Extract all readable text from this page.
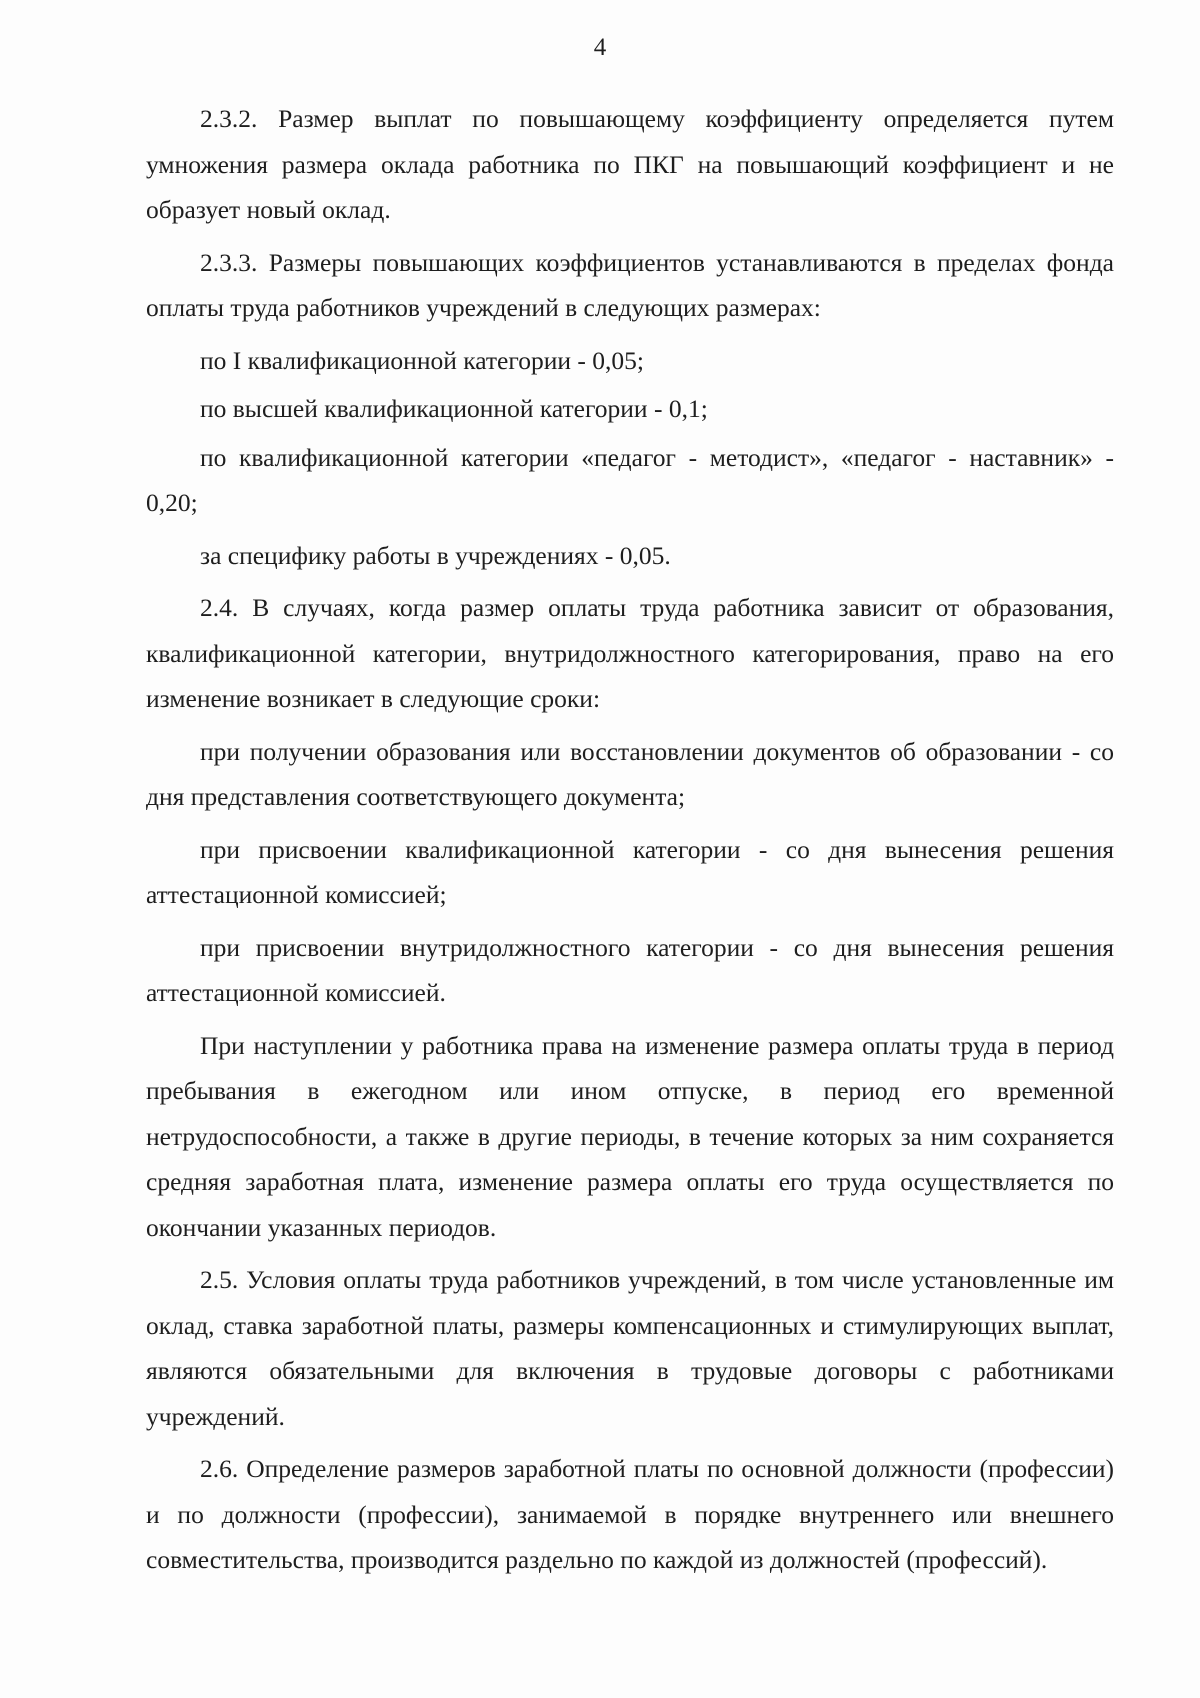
4

2.3.2. Размер выплат по повышающему коэффициенту определяется путем умножения размера оклада работника по ПКГ на повышающий коэффициент и не образует новый оклад.

2.3.3. Размеры повышающих коэффициентов устанавливаются в пределах фонда оплаты труда работников учреждений в следующих размерах:

по I квалификационной категории - 0,05;

по высшей квалификационной категории - 0,1;

по квалификационной категории «педагог - методист», «педагог - наставник» - 0,20;

за специфику работы в учреждениях - 0,05.

2.4. В случаях, когда размер оплаты труда работника зависит от образования, квалификационной категории, внутридолжностного категорирования, право на его изменение возникает в следующие сроки:

при получении образования или восстановлении документов об образовании - со дня представления соответствующего документа;

при присвоении квалификационной категории - со дня вынесения решения аттестационной комиссией;

при присвоении внутридолжностного категории - со дня вынесения решения аттестационной комиссией.

При наступлении у работника права на изменение размера оплаты труда в период пребывания в ежегодном или ином отпуске, в период его временной нетрудоспособности, а также в другие периоды, в течение которых за ним сохраняется средняя заработная плата, изменение размера оплаты его труда осуществляется по окончании указанных периодов.

2.5. Условия оплаты труда работников учреждений, в том числе установленные им оклад, ставка заработной платы, размеры компенсационных и стимулирующих выплат, являются обязательными для включения в трудовые договоры с работниками учреждений.

2.6. Определение размеров заработной платы по основной должности (профессии) и по должности (профессии), занимаемой в порядке внутреннего или внешнего совместительства, производится раздельно по каждой из должностей (профессий).
